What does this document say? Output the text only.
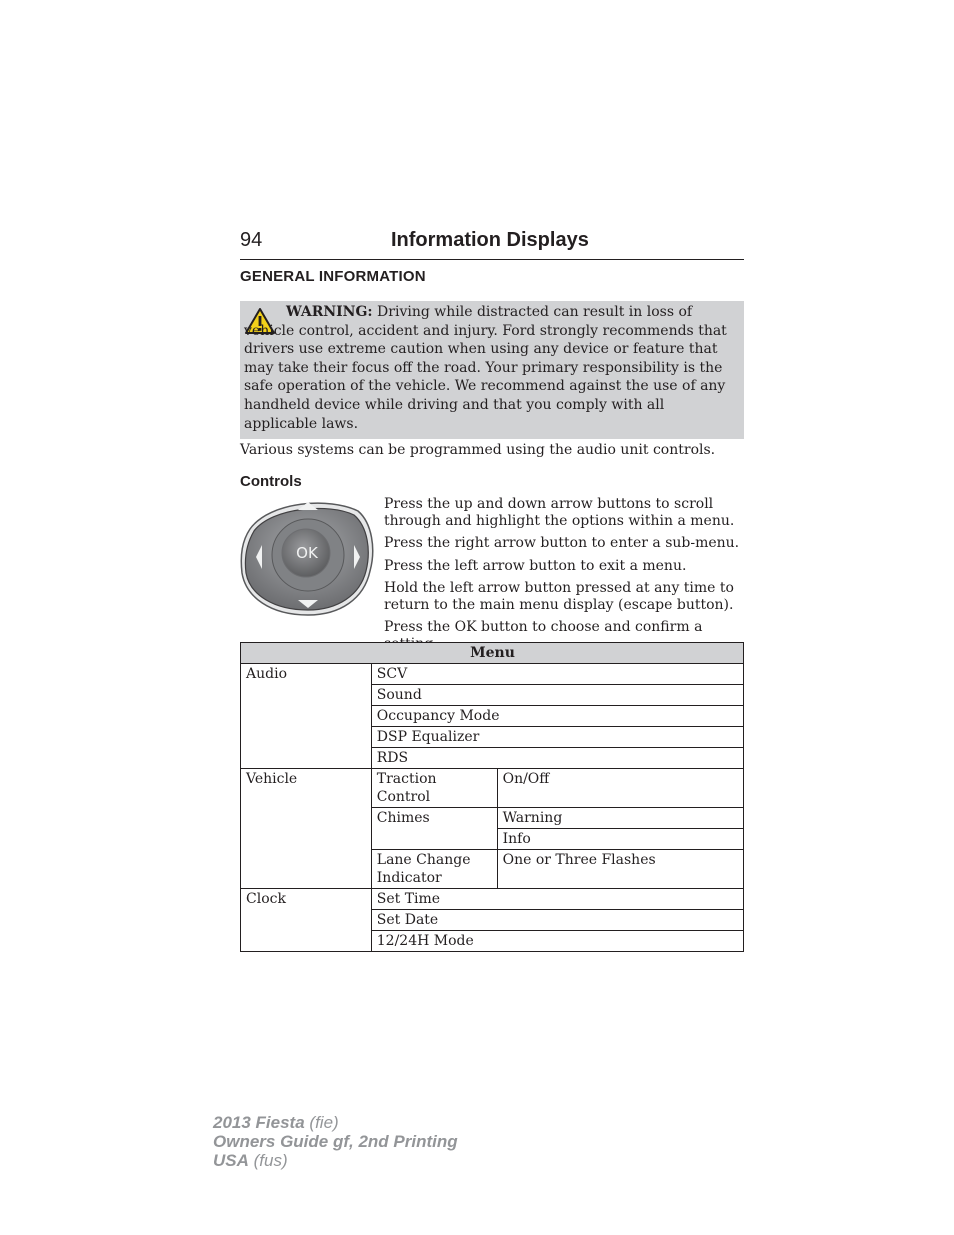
94	Information Displays
GENERAL INFORMATION
WARNING: Driving while distracted can result in loss of vehicle control, accident and injury. Ford strongly recommends that drivers use extreme caution when using any device or feature that may take their focus off the road. Your primary responsibility is the safe operation of the vehicle. We recommend against the use of any handheld device while driving and that you comply with all applicable laws.
Various systems can be programmed using the audio unit controls.
Controls
OK
Press the up and down arrow buttons to scroll through and highlight the options within a menu.
Press the right arrow button to enter a sub-menu.
Press the left arrow button to exit a menu.
Hold the left arrow button pressed at any time to return to the main menu display (escape button).
Press the OK button to choose and confirm a
Menu		
Audio	SCV	
	Sound	
	Occupancy Mode	
	DSP Equalizer	
	RDS	
Vehicle	Traction Control	On/Off
	Chimes	Warning
		Info
	Lane Change Indicator	One or Three Flashes
Clock	Set Time	
	Set Date	
	12/24H Mode	
2013 Fiesta (fie)
Owners Guide gf, 2nd Printing
USA (fus)
